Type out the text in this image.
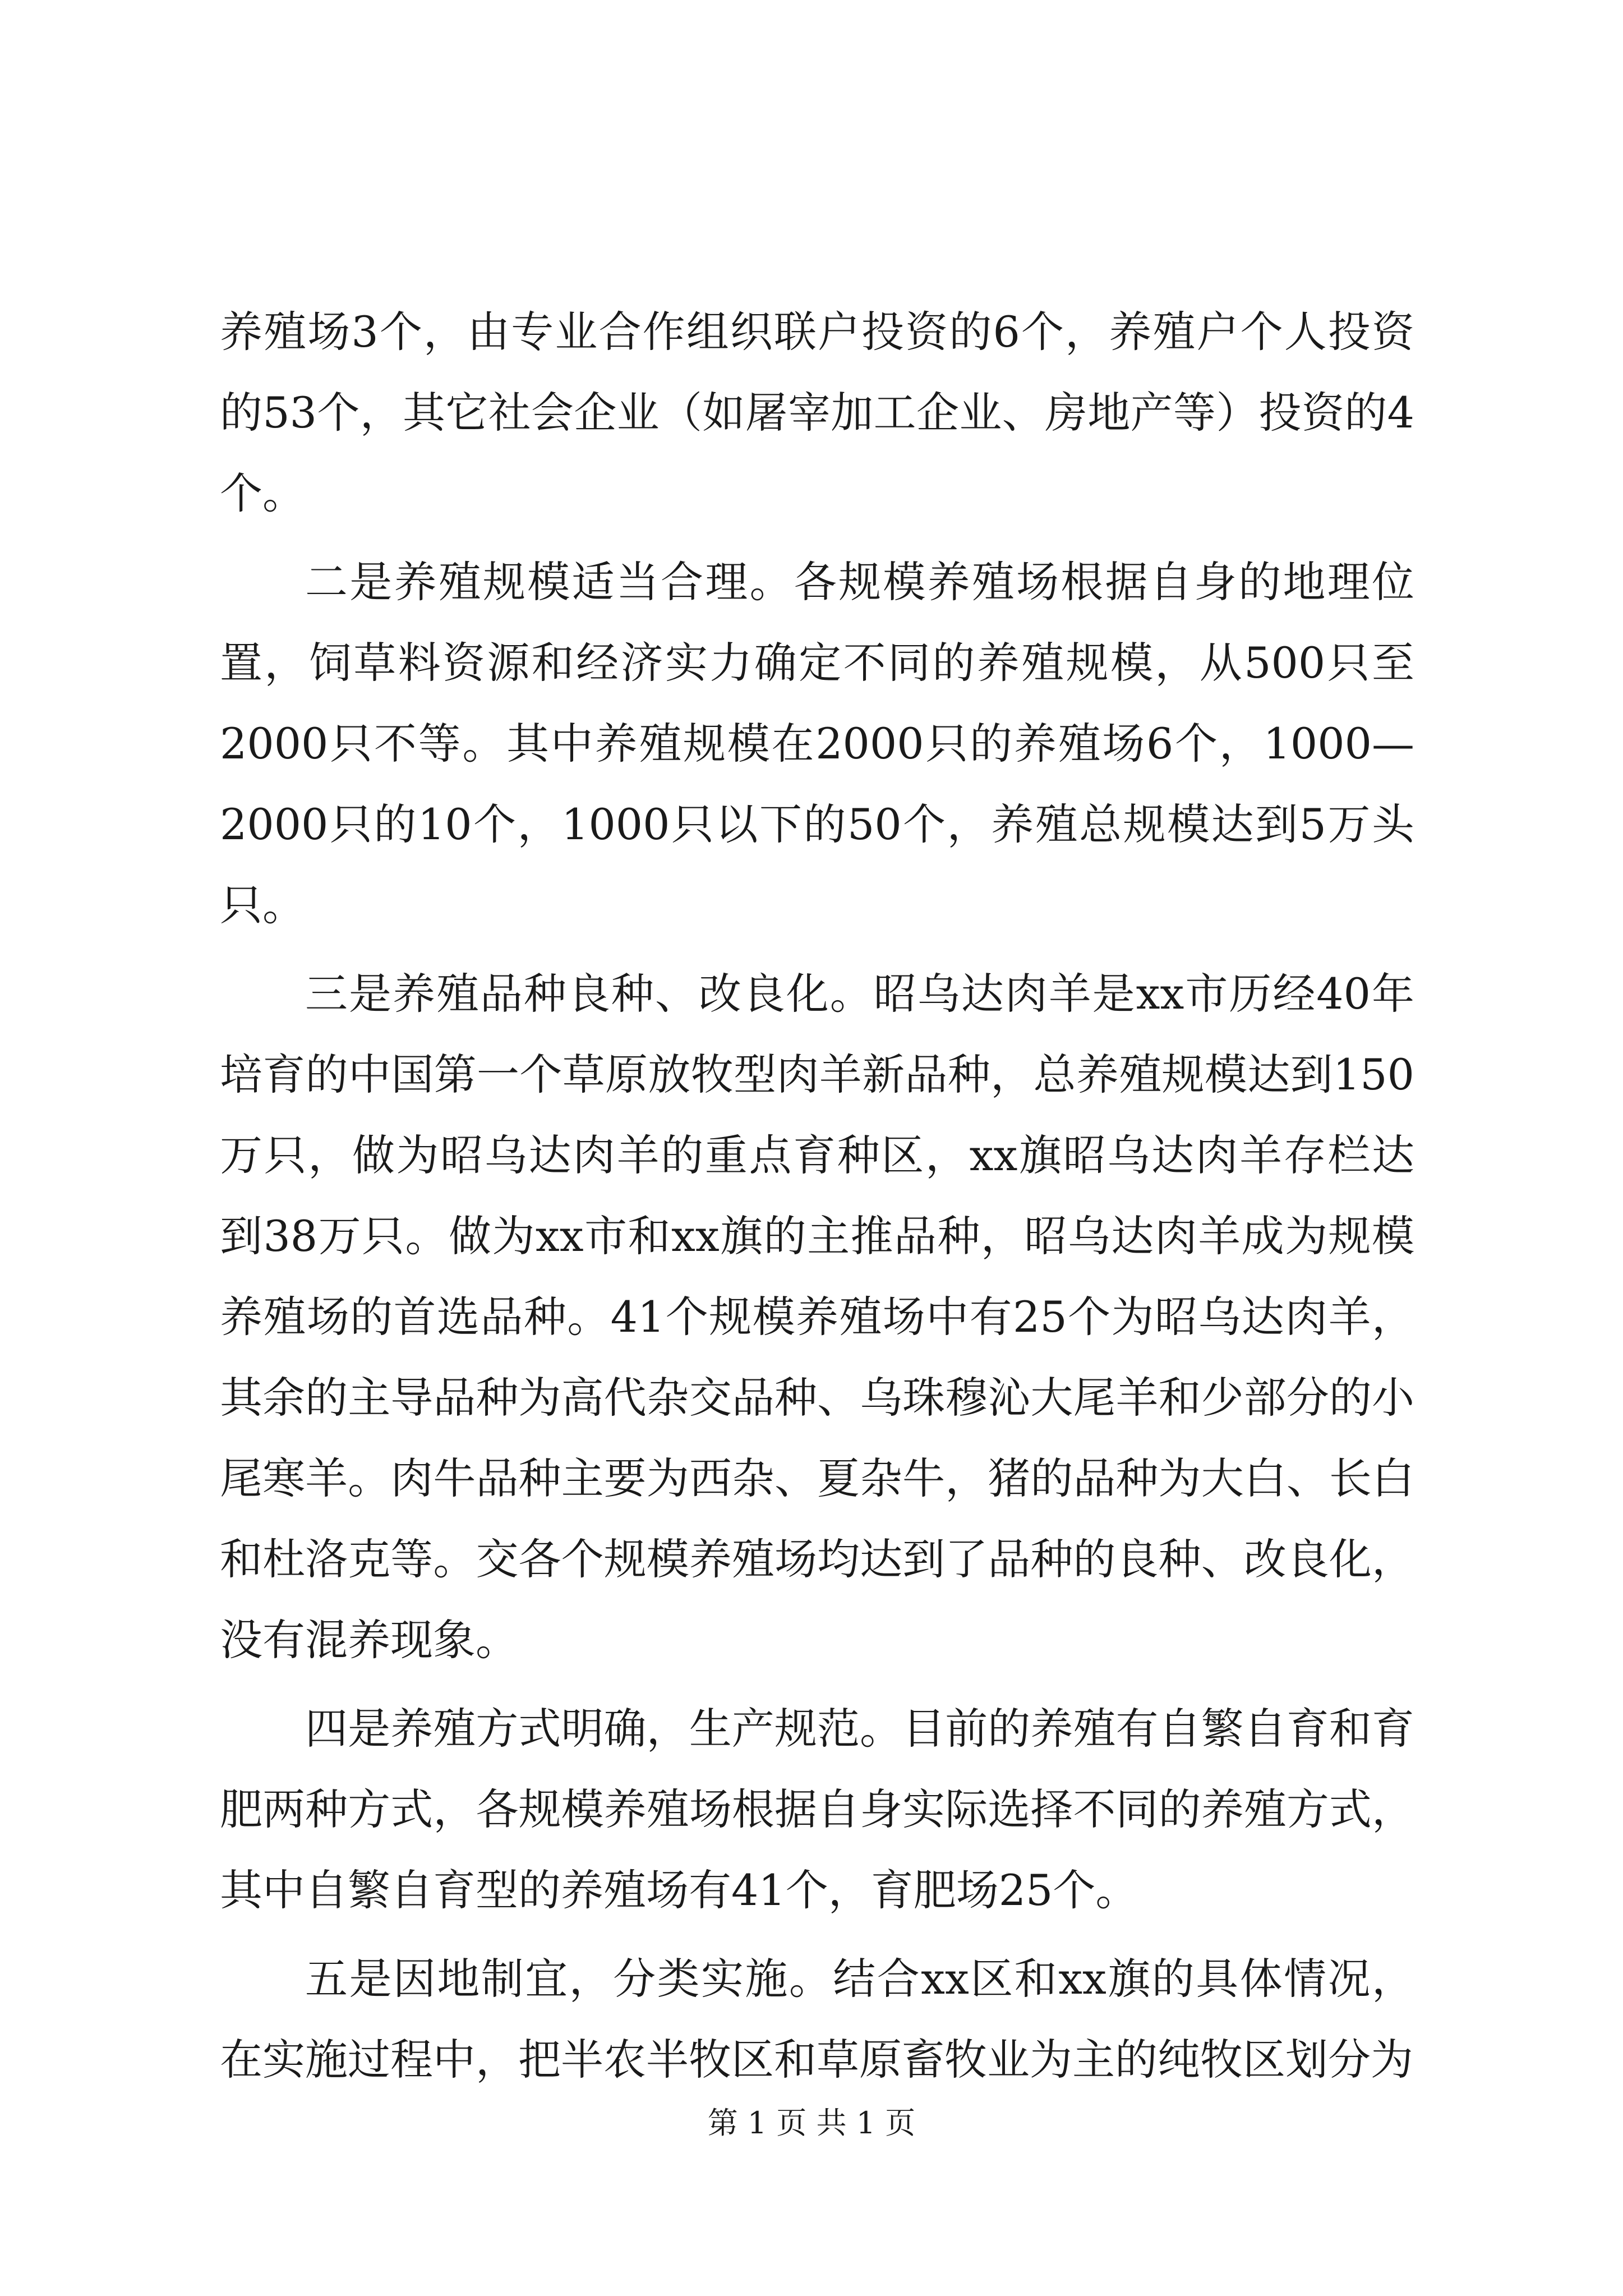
养殖场3个，由专业合作组织联户投资的6个，养殖户个人投资的53个，其它社会企业（如屠宰加工企业、房地产等）投资的4个。

二是养殖规模适当合理。各规模养殖场根据自身的地理位置，饲草料资源和经济实力确定不同的养殖规模，从500只至2000只不等。其中养殖规模在2000只的养殖场6个，1000—2000只的10个，1000只以下的50个，养殖总规模达到5万头只。

三是养殖品种良种、改良化。昭乌达肉羊是xx市历经40年培育的中国第一个草原放牧型肉羊新品种，总养殖规模达到150万只，做为昭乌达肉羊的重点育种区，xx旗昭乌达肉羊存栏达到38万只。做为xx市和xx旗的主推品种，昭乌达肉羊成为规模养殖场的首选品种。41个规模养殖场中有25个为昭乌达肉羊，其余的主导品种为高代杂交品种、乌珠穆沁大尾羊和少部分的小尾寒羊。肉牛品种主要为西杂、夏杂牛，猪的品种为大白、长白和杜洛克等。交各个规模养殖场均达到了品种的良种、改良化，没有混养现象。

四是养殖方式明确，生产规范。目前的养殖有自繁自育和育肥两种方式，各规模养殖场根据自身实际选择不同的养殖方式，其中自繁自育型的养殖场有41个，育肥场25个。

五是因地制宜，分类实施。结合xx区和xx旗的具体情况，在实施过程中，把半农半牧区和草原畜牧业为主的纯牧区划分为

第 1 页 共 1 页
